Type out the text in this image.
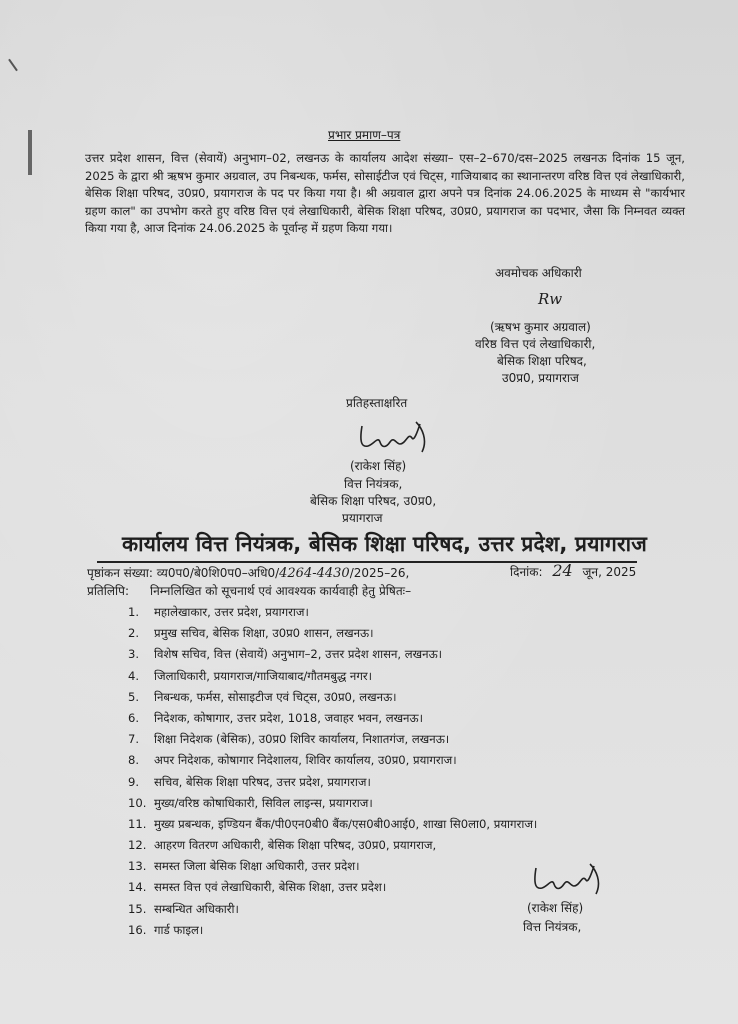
प्रभार प्रमाण–पत्र
उत्तर प्रदेश शासन, वित्त (सेवायें) अनुभाग–02, लखनऊ के कार्यालय आदेश संख्या– एस–2–670/दस–2025 लखनऊ दिनांक 15 जून, 2025 के द्वारा श्री ऋषभ कुमार अग्रवाल, उप निबन्धक, फर्मस, सोसाईटीज एवं चिट्स, गाजियाबाद का स्थानान्तरण वरिष्ठ वित्त एवं लेखाधिकारी, बेसिक शिक्षा परिषद, उ0प्र0, प्रयागराज के पद पर किया गया है। श्री अग्रवाल द्वारा अपने पत्र दिनांक 24.06.2025 के माध्यम से "कार्यभार ग्रहण काल" का उपभोग करते हुए वरिष्ठ वित्त एवं लेखाधिकारी, बेसिक शिक्षा परिषद, उ0प्र0, प्रयागराज का पदभार, जैसा कि निम्नवत व्यक्त किया गया है, आज दिनांक 24.06.2025 के पूर्वान्ह में ग्रहण किया गया।
अवमोचक अधिकारी
Rw
(ऋषभ कुमार अग्रवाल)
वरिष्ठ वित्त एवं लेखाधिकारी,
बेसिक शिक्षा परिषद,
उ0प्र0, प्रयागराज
प्रतिहस्ताक्षरित
(राकेश सिंह)
वित्त नियंत्रक,
बेसिक शिक्षा परिषद, उ0प्र0,
प्रयागराज
कार्यालय वित्त नियंत्रक, बेसिक शिक्षा परिषद, उत्तर प्रदेश, प्रयागराज
पृष्ठांकन संख्या: व्य0प0/बे0शि0प0–अधि0/4264-4430/2025–26,	दिनांक: 24 जून, 2025
प्रतिलिपि: निम्नलिखित को सूचनार्थ एवं आवश्यक कार्यवाही हेतु प्रेषितः–
1.	महालेखाकार, उत्तर प्रदेश, प्रयागराज।
2.	प्रमुख सचिव, बेसिक शिक्षा, उ0प्र0 शासन, लखनऊ।
3.	विशेष सचिव, वित्त (सेवायें) अनुभाग–2, उत्तर प्रदेश शासन, लखनऊ।
4.	जिलाधिकारी, प्रयागराज/गाजियाबाद/गौतमबुद्ध नगर।
5.	निबन्धक, फर्मस, सोसाइटीज एवं चिट्स, उ0प्र0, लखनऊ।
6.	निदेशक, कोषागार, उत्तर प्रदेश, 1018, जवाहर भवन, लखनऊ।
7.	शिक्षा निदेशक (बेसिक), उ0प्र0 शिविर कार्यालय, निशातगंज, लखनऊ।
8.	अपर निदेशक, कोषागार निदेशालय, शिविर कार्यालय, उ0प्र0, प्रयागराज।
9.	सचिव, बेसिक शिक्षा परिषद, उत्तर प्रदेश, प्रयागराज।
10. मुख्य/वरिष्ठ कोषाधिकारी, सिविल लाइन्स, प्रयागराज।
11. मुख्य प्रबन्धक, इण्डियन बैंक/पी0एन0बी0 बैंक/एस0बी0आई0, शाखा सि0ला0, प्रयागराज।
12. आहरण वितरण अधिकारी, बेसिक शिक्षा परिषद, उ0प्र0, प्रयागराज,
13. समस्त जिला बेसिक शिक्षा अधिकारी, उत्तर प्रदेश।
14. समस्त वित्त एवं लेखाधिकारी, बेसिक शिक्षा, उत्तर प्रदेश।
15. सम्बन्धित अधिकारी।
16. गार्ड फाइल।
(राकेश सिंह)
वित्त नियंत्रक,
